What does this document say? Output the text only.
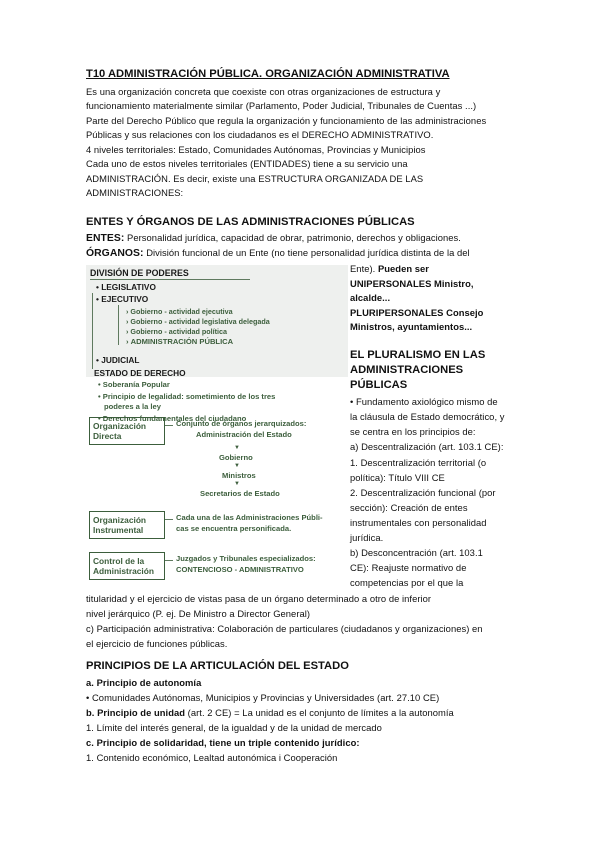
T10 ADMINISTRACIÓN PÚBLICA. ORGANIZACIÓN ADMINISTRATIVA
Es una organización concreta que coexiste con otras organizaciones de estructura y
funcionamiento materialmente similar (Parlamento, Poder Judicial, Tribunales de Cuentas ...)
Parte del Derecho Público que regula la organización y funcionamiento de las administraciones
Públicas y sus relaciones con los ciudadanos es el DERECHO ADMINISTRATIVO.
4 niveles territoriales: Estado, Comunidades Autónomas, Provincias y Municipios
Cada uno de estos niveles territoriales (ENTIDADES) tiene a su servicio una
ADMINISTRACIÓN. Es decir, existe una ESTRUCTURA ORGANIZADA DE LAS
ADMINISTRACIONES:
ENTES Y ÓRGANOS DE LAS ADMINISTRACIONES PÚBLICAS
ENTES: Personalidad jurídica, capacidad de obrar, patrimonio, derechos y obligaciones.
ÓRGANOS: División funcional de un Ente (no tiene personalidad jurídica distinta de la del
Ente). Pueden ser
UNIPERSONALES Ministro,
alcalde...
PLURIPERSONALES Consejo
Ministros, ayuntamientos...
EL PLURALISMO EN LAS
ADMINISTRACIONES
PÚBLICAS
• Fundamento axiológico mismo de
la cláusula de Estado democrático, y
se centra en los principios de:
a) Descentralización (art. 103.1 CE):
1. Descentralización territorial (o
política): Título VIII CE
2. Descentralización funcional (por
sección): Creación de entes
instrumentales con personalidad
jurídica.
b) Desconcentración (art. 103.1
CE): Reajuste normativo de
competencias por el que la
titularidad y el ejercicio de vistas pasa de un órgano determinado a otro de inferior
nivel jerárquico (P. ej. De Ministro a Director General)
c) Participación administrativa: Colaboración de particulares (ciudadanos y organizaciones) en
el ejercicio de funciones públicas.
PRINCIPIOS DE LA ARTICULACIÓN DEL ESTADO
a. Principio de autonomía
• Comunidades Autónomas, Municipios y Provincias y Universidades (art. 27.10 CE)
b. Principio de unidad (art. 2 CE) = La unidad es el conjunto de límites a la autonomía
1. Límite del interés general, de la igualdad y de la unidad de mercado
c. Principio de solidaridad, tiene un triple contenido jurídico:
1. Contenido económico, Lealtad autonómica i Cooperación
DIVISIÓN DE PODERES
• LEGISLATIVO
• EJECUTIVO
› Gobierno - actividad ejecutiva
› Gobierno - actividad legislativa delegada
› Gobierno - actividad política
› ADMINISTRACIÓN PÚBLICA
• JUDICIAL
ESTADO DE DERECHO
• Soberanía Popular
• Principio de legalidad: sometimiento de los tres
poderes a la ley
• Derechos fundamentales del ciudadano
Organización
Directa
Conjunto de órganos jerarquizados:
Administración del Estado
▼
Gobierno
▼
Ministros
▼
Secretarios de Estado
Organización
Instrumental
Cada una de las Administraciones Públi-
cas se encuentra personificada.
Control de la
Administración
Juzgados y Tribunales especializados:
CONTENCIOSO - ADMINISTRATIVO
